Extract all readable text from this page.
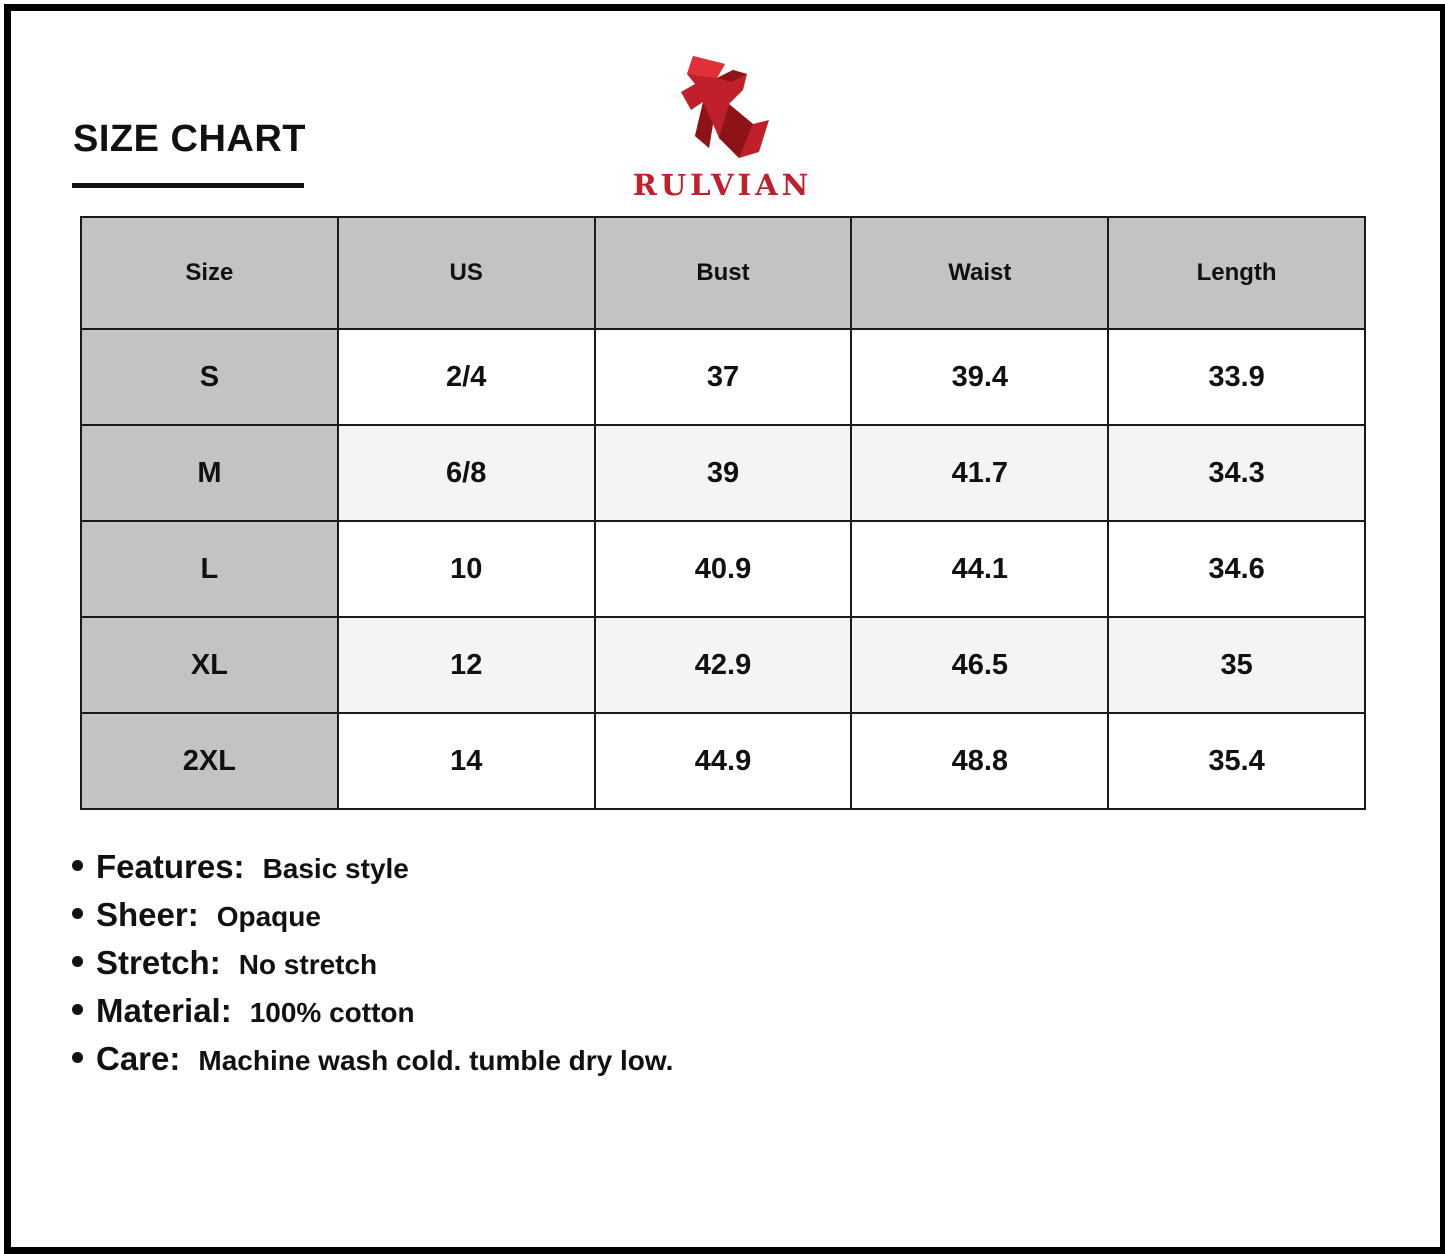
SIZE CHART
RULVIAN
Size	US	Bust	Waist	Length
S	2/4	37	39.4	33.9
M	6/8	39	41.7	34.3
L	10	40.9	44.1	34.6
XL	12	42.9	46.5	35
2XL	14	44.9	48.8	35.4
Features: Basic style
Sheer: Opaque
Stretch: No stretch
Material: 100% cotton
Care: Machine wash cold. tumble dry low.
